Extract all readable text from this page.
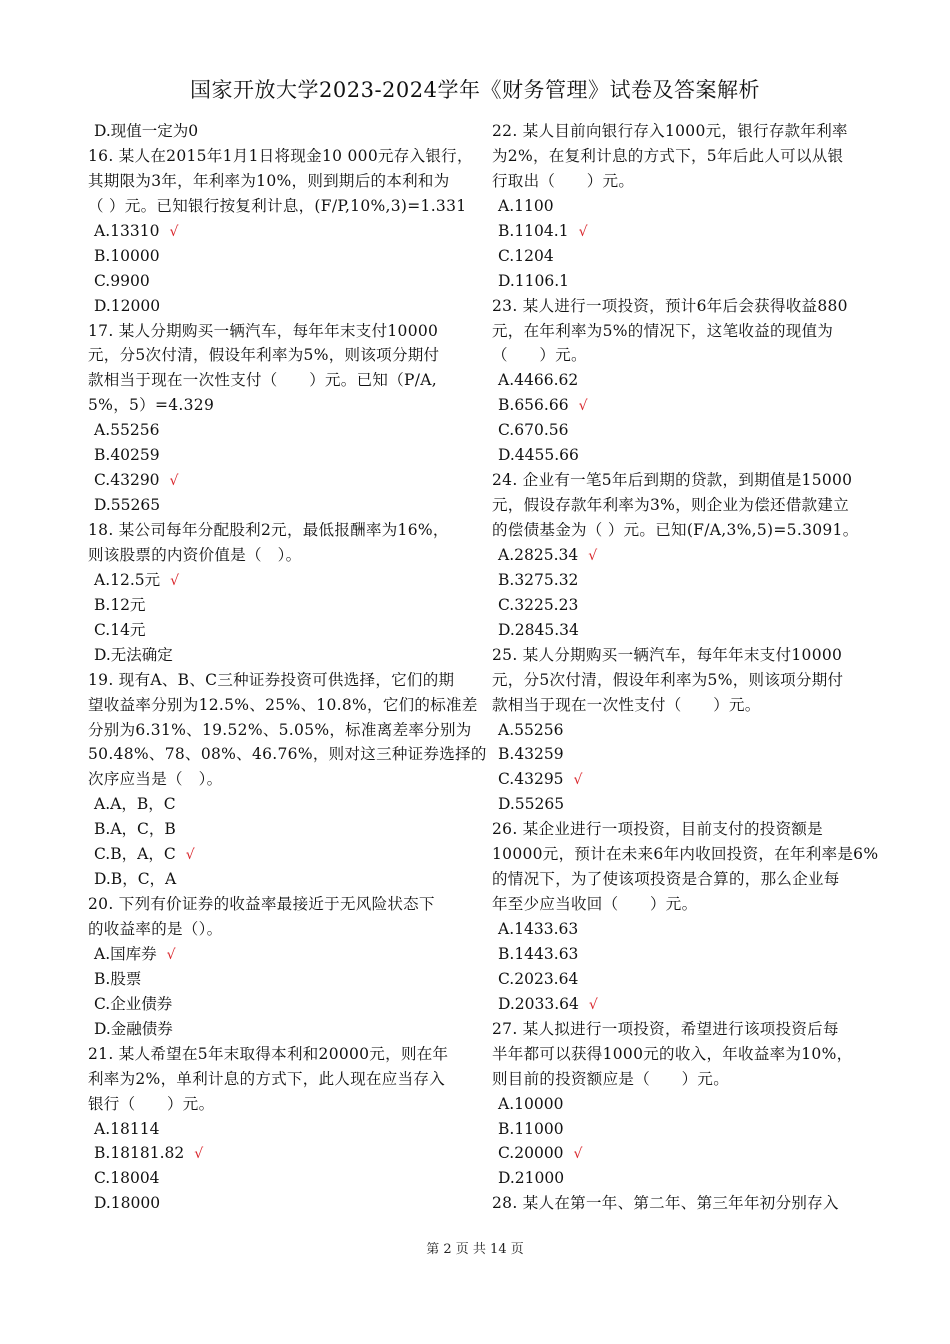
国家开放大学2023-2024学年《财务管理》试卷及答案解析
D.现值一定为0
16. 某人在2015年1月1日将现金10 000元存入银行，
其期限为3年，年利率为10%，则到期后的本利和为
（ ）元。已知银行按复利计息，(F/P,10%,3)=1.331
A.13310 √
B.10000
C.9900
D.12000
17. 某人分期购买一辆汽车，每年年末支付10000
元，分5次付清，假设年利率为5%，则该项分期付
款相当于现在一次性支付（　　）元。已知（P/A,
5%，5）=4.329
A.55256
B.40259
C.43290 √
D.55265
18. 某公司每年分配股利2元，最低报酬率为16%，
则该股票的内资价值是（　）。
A.12.5元 √
B.12元
C.14元
D.无法确定
19. 现有A、B、C三种证券投资可供选择，它们的期
望收益率分别为12.5%、25%、10.8%，它们的标准差
分别为6.31%、19.52%、5.05%，标准离差率分别为
50.48%、78、08%、46.76%，则对这三种证券选择的
次序应当是（　）。
A.A，B，C
B.A，C，B
C.B，A，C √
D.B，C，A
20. 下列有价证券的收益率最接近于无风险状态下
的收益率的是（）。
A.国库券 √
B.股票
C.企业债券
D.金融债券
21. 某人希望在5年末取得本利和20000元，则在年
利率为2%，单利计息的方式下，此人现在应当存入
银行（　　）元。
A.18114
B.18181.82 √
C.18004
D.18000
22. 某人目前向银行存入1000元，银行存款年利率
为2%，在复利计息的方式下，5年后此人可以从银
行取出（　　）元。
A.1100
B.1104.1 √
C.1204
D.1106.1
23. 某人进行一项投资，预计6年后会获得收益880
元，在年利率为5%的情况下，这笔收益的现值为
（　　）元。
A.4466.62
B.656.66 √
C.670.56
D.4455.66
24. 企业有一笔5年后到期的贷款，到期值是15000
元，假设存款年利率为3%，则企业为偿还借款建立
的偿债基金为（ ）元。已知(F/A,3%,5)=5.3091。
A.2825.34 √
B.3275.32
C.3225.23
D.2845.34
25. 某人分期购买一辆汽车，每年年末支付10000
元，分5次付清，假设年利率为5%，则该项分期付
款相当于现在一次性支付（　　）元。
A.55256
B.43259
C.43295 √
D.55265
26. 某企业进行一项投资，目前支付的投资额是
10000元，预计在未来6年内收回投资，在年利率是6%
的情况下，为了使该项投资是合算的，那么企业每
年至少应当收回（　　）元。
A.1433.63
B.1443.63
C.2023.64
D.2033.64 √
27. 某人拟进行一项投资，希望进行该项投资后每
半年都可以获得1000元的收入，年收益率为10%，
则目前的投资额应是（　　）元。
A.10000
B.11000
C.20000 √
D.21000
28. 某人在第一年、第二年、第三年年初分别存入
第 2 页 共 14 页
